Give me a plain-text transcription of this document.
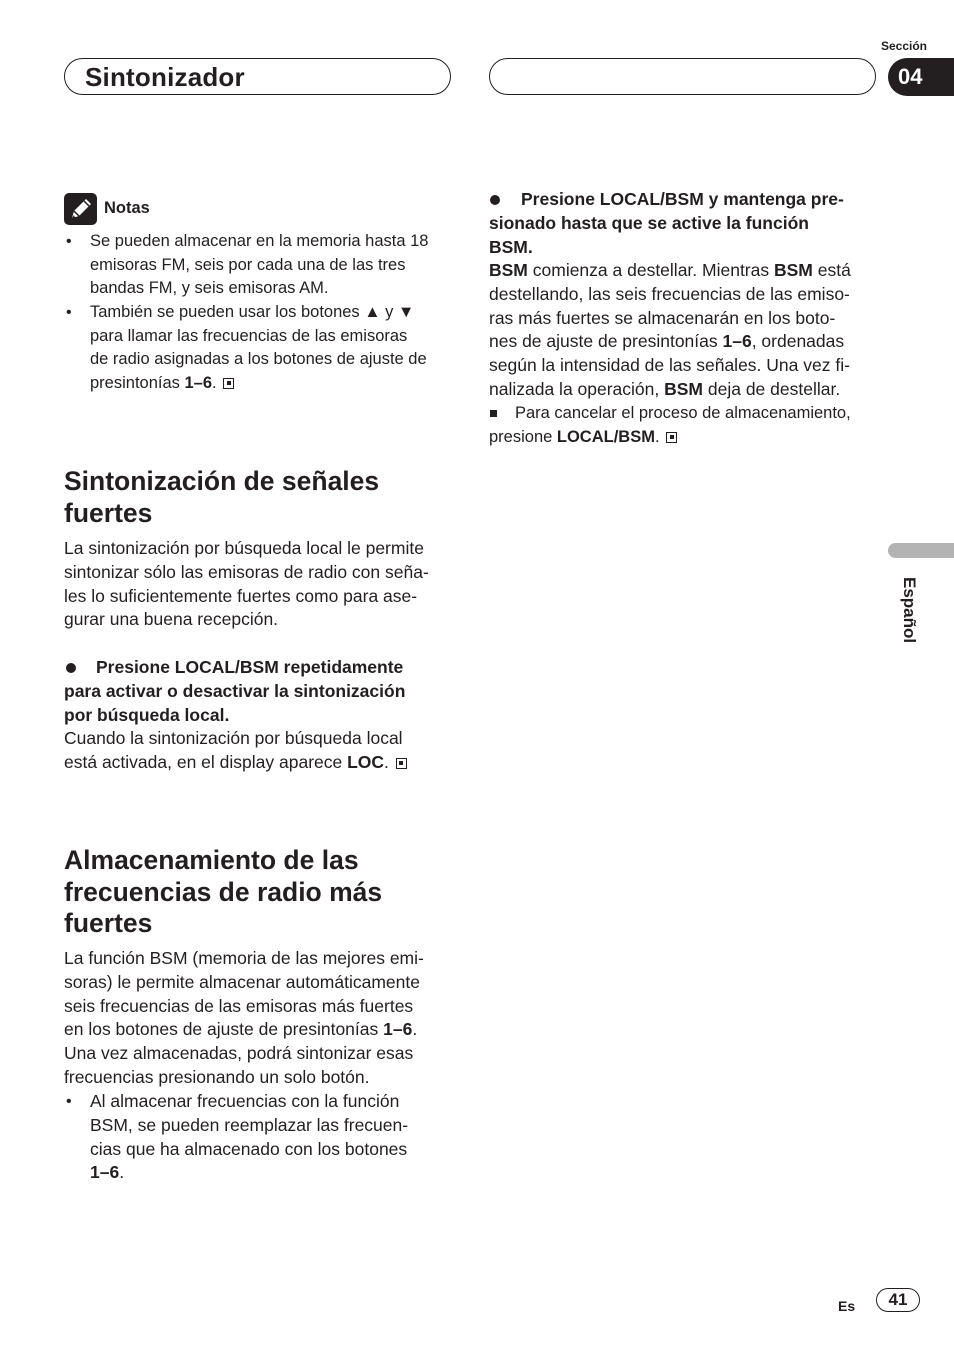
Sintonizador
Sección
04
Notas
• Se pueden almacenar en la memoria hasta 18
emisoras FM, seis por cada una de las tres
bandas FM, y seis emisoras AM.
• También se pueden usar los botones ▲ y ▼
para llamar las frecuencias de las emisoras
de radio asignadas a los botones de ajuste de
presintonías 1–6.
Sintonización de señales
fuertes
La sintonización por búsqueda local le permite
sintonizar sólo las emisoras de radio con seña-
les lo suficientemente fuertes como para ase-
gurar una buena recepción.
Presione LOCAL/BSM repetidamente
para activar o desactivar la sintonización
por búsqueda local.
Cuando la sintonización por búsqueda local
está activada, en el display aparece LOC.
Almacenamiento de las
frecuencias de radio más
fuertes
La función BSM (memoria de las mejores emi-
soras) le permite almacenar automáticamente
seis frecuencias de las emisoras más fuertes
en los botones de ajuste de presintonías 1–6.
Una vez almacenadas, podrá sintonizar esas
frecuencias presionando un solo botón.
• Al almacenar frecuencias con la función
BSM, se pueden reemplazar las frecuen-
cias que ha almacenado con los botones
1–6.
Presione LOCAL/BSM y mantenga pre-
sionado hasta que se active la función
BSM.
BSM comienza a destellar. Mientras BSM está
destellando, las seis frecuencias de las emiso-
ras más fuertes se almacenarán en los boto-
nes de ajuste de presintonías 1–6, ordenadas
según la intensidad de las señales. Una vez fi-
nalizada la operación, BSM deja de destellar.
Para cancelar el proceso de almacenamiento,
presione LOCAL/BSM.
Español
Es	41
